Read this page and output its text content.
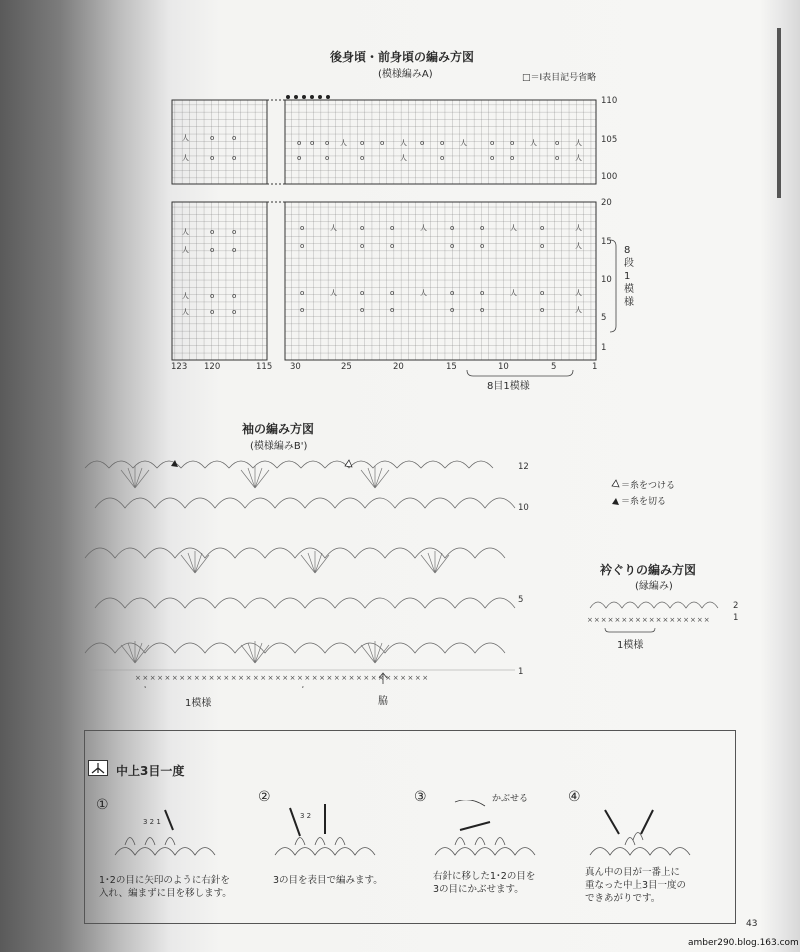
後身頃・前身頃の編み方図
(模様編みA)	□＝Ⅰ表目記号省略
人
人
o	o
o	o
o o o 人 o o 人 o o 人	o o 人	o 人
o	o	o	人	o	o o	o 人
人
人
o	o
o	o
人
人
o	o
o	o
o	人	o	o	人	o	o	人	o	人
o	o	o	o	o	o	人
o	人	o	o	人	o	o	人	o	人
o	o	o	o	o	o	人
123 120	115 30	25	20	15	10	5	1
110
105
100
20
15
10
5
1
8段1模様
8目1模様
袖の編み方図
(模様編みB')
××××××××××××××××××××××××××××××××××××××××
12
10
5
1
1模様	脇
＝糸をつける
＝糸を切る
衿ぐりの編み方図
(縁編み)
××××××××××××××××××
2
1
1模様
中上3目一度
3 2 1
3 2
①	②	③	④
かぶせる
1･2の目に矢印のように右針を
入れ、編まずに目を移します。
3の目を表目で編みます。	右針に移した1･2の目を
3の目にかぶせます。
真ん中の目が一番上に
重なった中上3目一度の
できあがりです。
43
amber290.blog.163.com
